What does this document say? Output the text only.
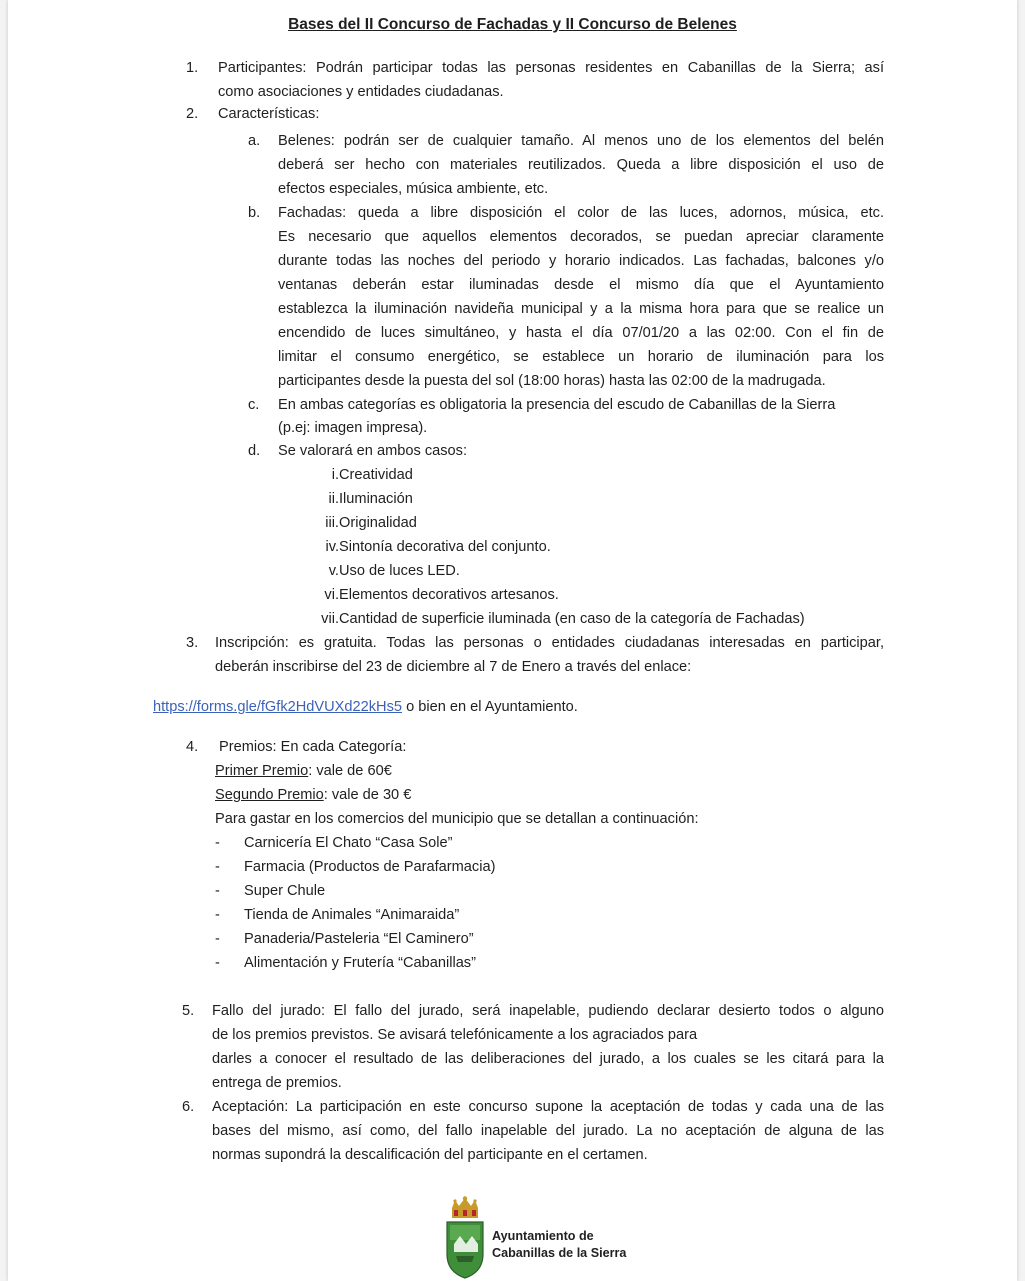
Bases del II Concurso de Fachadas y II Concurso de Belenes
1. Participantes: Podrán participar todas las personas residentes en Cabanillas de la Sierra; así
como asociaciones y entidades ciudadanas.
2. Características:
a. Belenes: podrán ser de cualquier tamaño. Al menos uno de los elementos del belén
deberá ser hecho con materiales reutilizados. Queda a libre disposición el uso de
efectos especiales, música ambiente, etc.
b. Fachadas: queda a libre disposición el color de las luces, adornos, música, etc.
Es necesario que aquellos elementos decorados, se puedan apreciar claramente
durante todas las noches del periodo y horario indicados. Las fachadas, balcones y/o
ventanas deberán estar iluminadas desde el mismo día que el Ayuntamiento
establezca la iluminación navideña municipal y a la misma hora para que se realice un
encendido de luces simultáneo, y hasta el día 07/01/20 a las 02:00. Con el fin de
limitar el consumo energético, se establece un horario de iluminación para los
participantes desde la puesta del sol (18:00 horas) hasta las 02:00 de la madrugada.
c. En ambas categorías es obligatoria la presencia del escudo de Cabanillas de la Sierra
(p.ej: imagen impresa).
d. Se valorará en ambos casos:
i. Creatividad
ii. Iluminación
iii. Originalidad
iv. Sintonía decorativa del conjunto.
v. Uso de luces LED.
vi. Elementos decorativos artesanos.
vii. Cantidad de superficie iluminada (en caso de la categoría de Fachadas)
3. Inscripción: es gratuita. Todas las personas o entidades ciudadanas interesadas en participar,
deberán inscribirse del 23 de diciembre al 7 de Enero a través del enlace:
https://forms.gle/fGfk2HdVUXd22kHs5 o bien en el Ayuntamiento.
4. Premios: En cada Categoría:
Primer Premio: vale de 60€
Segundo Premio: vale de 30 €
Para gastar en los comercios del municipio que se detallan a continuación:
- Carnicería El Chato “Casa Sole”
- Farmacia (Productos de Parafarmacia)
- Super Chule
- Tienda de Animales “Animaraida”
- Panaderia/Pasteleria “El Caminero”
- Alimentación y Frutería “Cabanillas”
5. Fallo del jurado: El fallo del jurado, será inapelable, pudiendo declarar desierto todos o alguno
de los premios previstos. Se avisará telefónicamente a los agraciados para
darles a conocer el resultado de las deliberaciones del jurado, a los cuales se les citará para la
entrega de premios.
6. Aceptación: La participación en este concurso supone la aceptación de todas y cada una de las
bases del mismo, así como, del fallo inapelable del jurado. La no aceptación de alguna de las
normas supondrá la descalificación del participante en el certamen.
Ayuntamiento de
Cabanillas de la Sierra
